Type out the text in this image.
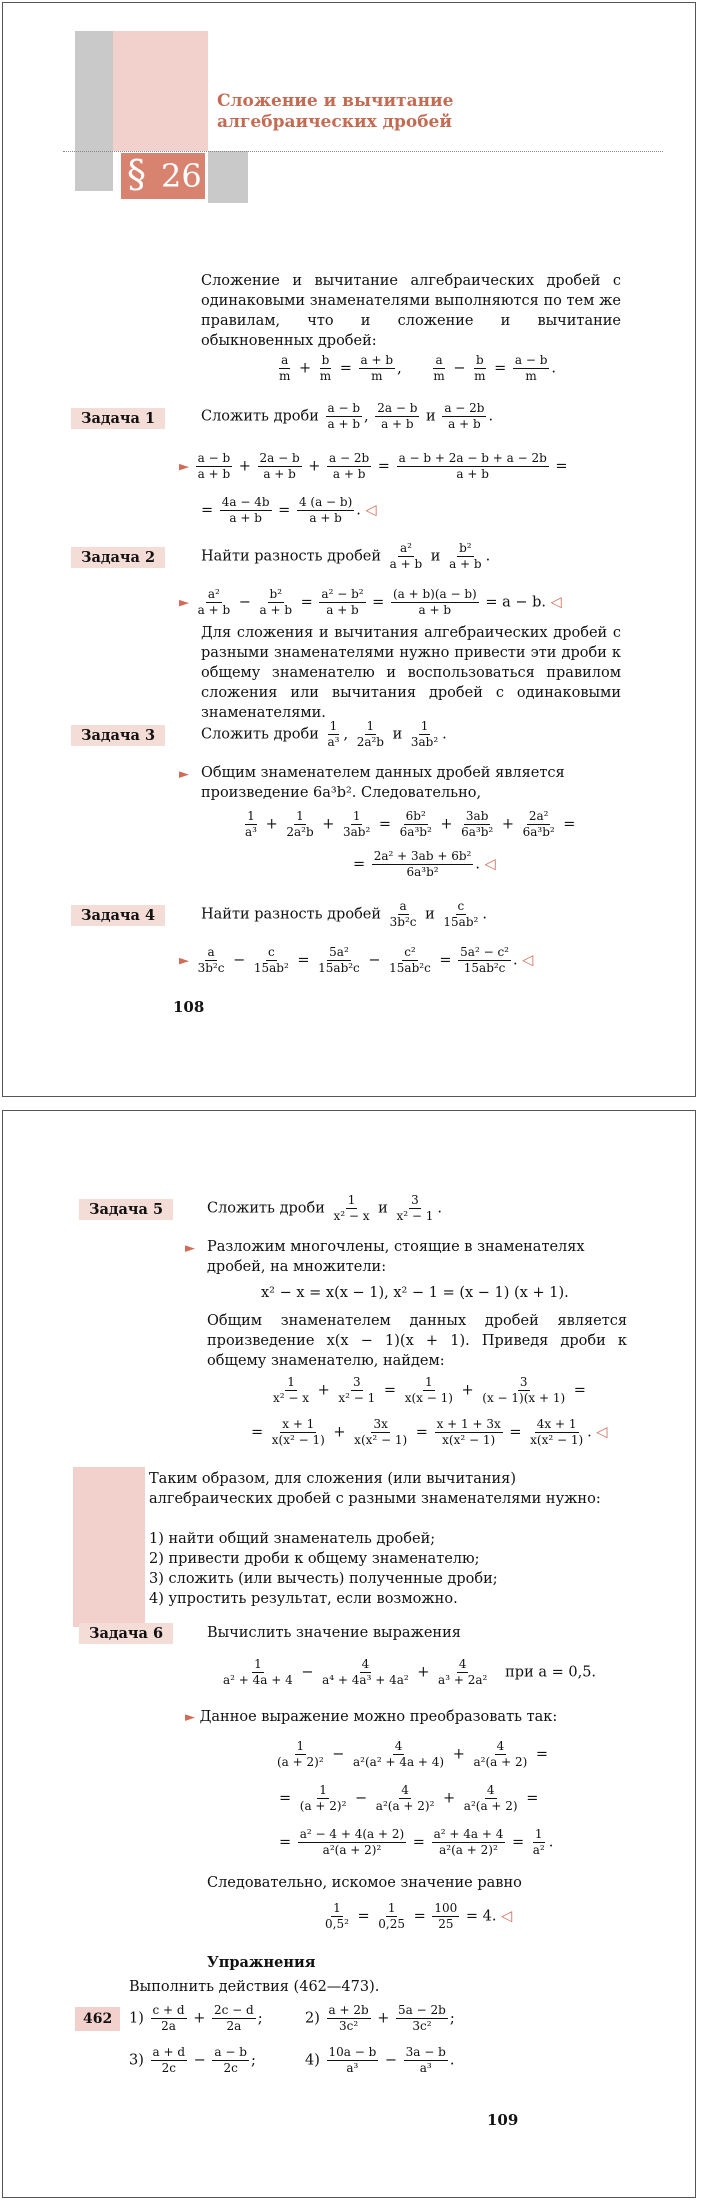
§ 26
Сложение и вычитание
алгебраических дробей
Сложение и вычитание алгебраических дробей с одинаковыми знаменателями выполняются по тем же правилам, что и сложение и вычитание обыкновенных дробей:
$\frac{a}{m} + \frac{b}{m} = \frac{a + b}{m}$ , $\frac{a}{m} - \frac{b}{m} = \frac{a - b}{m}$ .
Задача 1	Сложить дроби $\frac{a - b}{a + b}$ , $\frac{2a - b}{a + b}$ и $\frac{a - 2b}{a + b}$ .
► $\frac{a - b}{a + b} + \frac{2a - b}{a + b} + \frac{a - 2b}{a + b} = \frac{a - b + 2a - b + a - 2b}{a + b}$ =
= $\frac{4a - 4b}{a + b} = \frac{4 (a - b)}{a + b}$ . ◁
Задача 2	Найти разность дробей $\frac{\text{a²}}{a + b}$ и $\frac{\text{b²}}{a + b}$ .
► $\frac{\text{a²}}{a + b} - \frac{\text{b²}}{a + b} = \frac{\text{a² − b²}}{a + b} = \frac{(a + b)(a - b)}{a + b} = a - b$. ◁
Для сложения и вычитания алгебраических дробей с разными знаменателями нужно привести эти дроби к общему знаменателю и воспользоваться правилом сложения или вычитания дробей с одинаковыми знаменателями.
Задача 3	Сложить дроби $\frac{1}{\text{a³}}$ , $\frac{1}{\text{2a²b}}$ и $\frac{1}{\text{3ab²}}$ .
► Общим знаменателем данных дробей является произведение 6a³b². Следовательно,
$\frac{1}{\text{a³}} + \frac{1}{\text{2a²b}} + \frac{1}{\text{3ab²}} = \frac{\text{6b²}}{\text{6a³b²}} + \frac{3ab}{\text{6a³b²}} + \frac{\text{2a²}}{\text{6a³b²}}$ =
= $\frac{\text{2a² + 3ab + 6b²}}{\text{6a³b²}}$ . ◁
Задача 4	Найти разность дробей $\frac{a}{\text{3b²c}}$ и $\frac{c}{\text{15ab²}}$ .
► $\frac{a}{\text{3b²c}} - \frac{c}{\text{15ab²}} = \frac{\text{5a²}}{\text{15ab²c}} - \frac{\text{c²}}{\text{15ab²c}} = \frac{\text{5a² − c²}}{\text{15ab²c}}$ . ◁
108
Задача 5	Сложить дроби $\frac{1}{\text{x² − x}}$ и $\frac{3}{\text{x² − 1}}$ .
► Разложим многочлены, стоящие в знаменателях дробей, на множители:
x² − x = x(x − 1), x² − 1 = (x − 1) (x + 1).
Общим знаменателем данных дробей является произведение x(x − 1)(x + 1). Приведя дроби к общему знаменателю, найдем:
$\frac{1}{\text{x² − x}} + \frac{3}{\text{x² − 1}} = \frac{1}{x(x - 1)} + \frac{3}{(x - 1)(x + 1)}$ =
= $\frac{x + 1}{\text{x(x² − 1)}} + \frac{3x}{\text{x(x² − 1)}} = \frac{x + 1 + 3x}{\text{x(x² − 1)}} = \frac{4x + 1}{\text{x(x² − 1)}}$ . ◁
Таким образом, для сложения (или вычитания) алгебраических дробей с разными знаменателями нужно:
1) найти общий знаменатель дробей;
2) привести дроби к общему знаменателю;
3) сложить (или вычесть) полученные дроби;
4) упростить результат, если возможно.
Задача 6	Вычислить значение выражения
$\frac{1}{\text{a² + 4a + 4}} - \frac{4}{\text{a⁴ + 4a³ + 4a²}} + \frac{4}{\text{a³ + 2a²}}$ при a = 0,5.
► Данное выражение можно преобразовать так:
$\frac{1}{\text{(a + 2)²}} - \frac{4}{\text{a²(a² + 4a + 4)}} + \frac{4}{\text{a²(a + 2)}}$ =
= $\frac{1}{\text{(a + 2)²}} - \frac{4}{\text{a²(a + 2)²}} + \frac{4}{\text{a²(a + 2)}}$ =
= $\frac{\text{a² − 4 + 4(a + 2)}}{\text{a²(a + 2)²}} = \frac{\text{a² + 4a + 4}}{\text{a²(a + 2)²}} = \frac{1}{\text{a²}}$ .
Следовательно, искомое значение равно
$\frac{1}{\text{0,5²}} = \frac{1}{0,25} = \frac{100}{25} = 4$. ◁
Упражнения
Выполнить действия (462—473).
462	$1) \frac{c + d}{2a} + \frac{2c - d}{2a}$ ;	$2) \frac{a + 2b}{\text{3c²}} + \frac{5a - 2b}{\text{3c²}}$ ;
$3) \frac{a + d}{2c} - \frac{a - b}{2c}$ ;	$4) \frac{10a - b}{\text{a³}} - \frac{3a - b}{\text{a³}}$ .
109
